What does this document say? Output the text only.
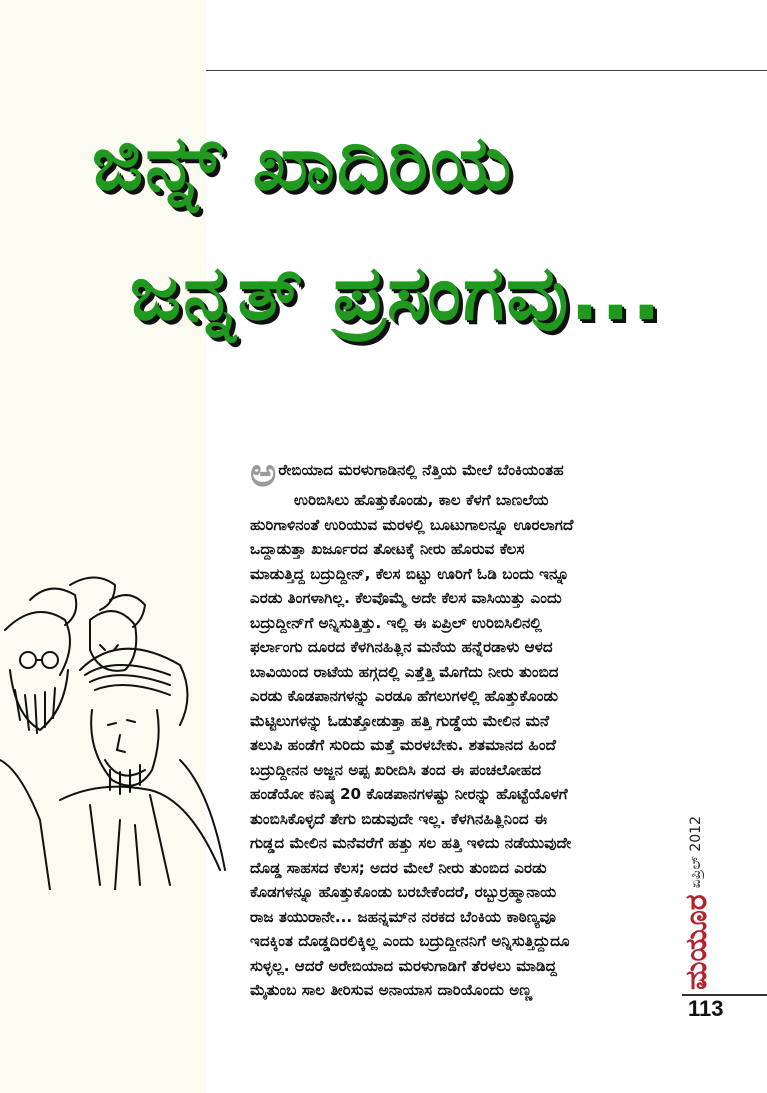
ಜಿನ್ನ್ ಖಾದಿರಿಯ
ಜನ್ನತ್ ಪ್ರಸಂಗವು...

ಅರೇಬಿಯಾದ ಮರಳುಗಾಡಿನಲ್ಲಿ ನೆತ್ತಿಯ ಮೇಲೆ ಬೆಂಕಿಯಂತಹ

ಉರಿಬಿಸಿಲು ಹೊತ್ತುಕೊಂಡು, ಕಾಲ ಕೆಳಗೆ ಬಾಣಲೆಯ

ಹುರಿಗಾಳಿನಂತೆ ಉರಿಯುವ ಮರಳಲ್ಲಿ ಬೂಟುಗಾಲನ್ನೂ ಊರಲಾಗದೆ

ಒದ್ದಾಡುತ್ತಾ ಖರ್ಜೂರದ ತೋಟಕ್ಕೆ ನೀರು ಹೊರುವ ಕೆಲಸ

ಮಾಡುತ್ತಿದ್ದ ಬದ್ರುದ್ದೀನ್, ಕೆಲಸ ಬಿಟ್ಟು ಊರಿಗೆ ಓಡಿ ಬಂದು ಇನ್ನೂ

ಎರಡು ತಿಂಗಳಾಗಿಲ್ಲ. ಕೆಲವೊಮ್ಮೆ ಅದೇ ಕೆಲಸ ವಾಸಿಯಿತ್ತು ಎಂದು

ಬದ್ರುದ್ದೀನ್‌ಗೆ ಅನ್ನಿಸುತ್ತಿತ್ತು. ಇಲ್ಲಿ ಈ ಏಪ್ರಿಲ್ ಉರಿಬಿಸಿಲಿನಲ್ಲಿ

ಫರ್ಲಾಂಗು ದೂರದ ಕೆಳಗಿನಹಿತ್ಲಿನ ಮನೆಯ ಹನ್ನೆರಡಾಳು ಆಳದ

ಬಾವಿಯಿಂದ ರಾಟೆಯ ಹಗ್ಗದಲ್ಲಿ ಎತ್ತೆತ್ತಿ ಮೊಗೆದು ನೀರು ತುಂಬಿದ

ಎರಡು ಕೊಡಪಾನಗಳನ್ನು ಎರಡೂ ಹೆಗಲುಗಳಲ್ಲಿ ಹೊತ್ತುಕೊಂಡು

ಮೆಟ್ಟಿಲುಗಳನ್ನು ಓಡುತ್ತೋಡುತ್ತಾ ಹತ್ತಿ ಗುಡ್ಡೆಯ ಮೇಲಿನ ಮನೆ

ತಲುಪಿ ಹಂಡೆಗೆ ಸುರಿದು ಮತ್ತೆ ಮರಳಬೇಕು. ಶತಮಾನದ ಹಿಂದೆ

ಬದ್ರುದ್ದೀನನ ಅಜ್ಜನ ಅಪ್ಪ ಖರೀದಿಸಿ ತಂದ ಈ ಪಂಚಲೋಹದ

ಹಂಡೆಯೋ ಕನಿಷ್ಠ 20 ಕೊಡಪಾನಗಳಷ್ಟು ನೀರನ್ನು ಹೊಟ್ಟೆಯೊಳಗೆ

ತುಂಬಿಸಿಕೊಳ್ಳದೆ ತೇಗು ಬಿಡುವುದೇ ಇಲ್ಲ. ಕೆಳಗಿನಹಿತ್ಲಿನಿಂದ ಈ

ಗುಡ್ಡದ ಮೇಲಿನ ಮನೆವರೆಗೆ ಹತ್ತು ಸಲ ಹತ್ತಿ ಇಳಿದು ನಡೆಯುವುದೇ

ದೊಡ್ಡ ಸಾಹಸದ ಕೆಲಸ; ಅದರ ಮೇಲೆ ನೀರು ತುಂಬಿದ ಎರಡು

ಕೊಡಗಳನ್ನೂ ಹೊತ್ತುಕೊಂಡು ಬರಬೇಕೆಂದರೆ, ರಬ್ಬುರ್ರಹ್ಮಾನಾಯ

ರಾಜ ತಯುರಾನೇ... ಜಹನ್ನಮ್‌ನ ನರಕದ ಬೆಂಕಿಯ ಕಾಠಿಣ್ಯವೂ

ಇದಕ್ಕಿಂತ ದೊಡ್ಡದಿರಲಿಕ್ಕಿಲ್ಲ ಎಂದು ಬದ್ರುದ್ದೀನನಿಗೆ ಅನ್ನಿಸುತ್ತಿದ್ದುದೂ

ಸುಳ್ಳಲ್ಲ. ಆದರೆ ಅರೇಬಿಯಾದ ಮರಳುಗಾಡಿಗೆ ತೆರಳಲು ಮಾಡಿದ್ದ

ಮೈತುಂಬ ಸಾಲ ತೀರಿಸುವ ಅನಾಯಾಸ ದಾರಿಯೊಂದು ಅಣ್ಣ	ಮಯೂರ
ಏಪ್ರಿಲ್ 2012
113
